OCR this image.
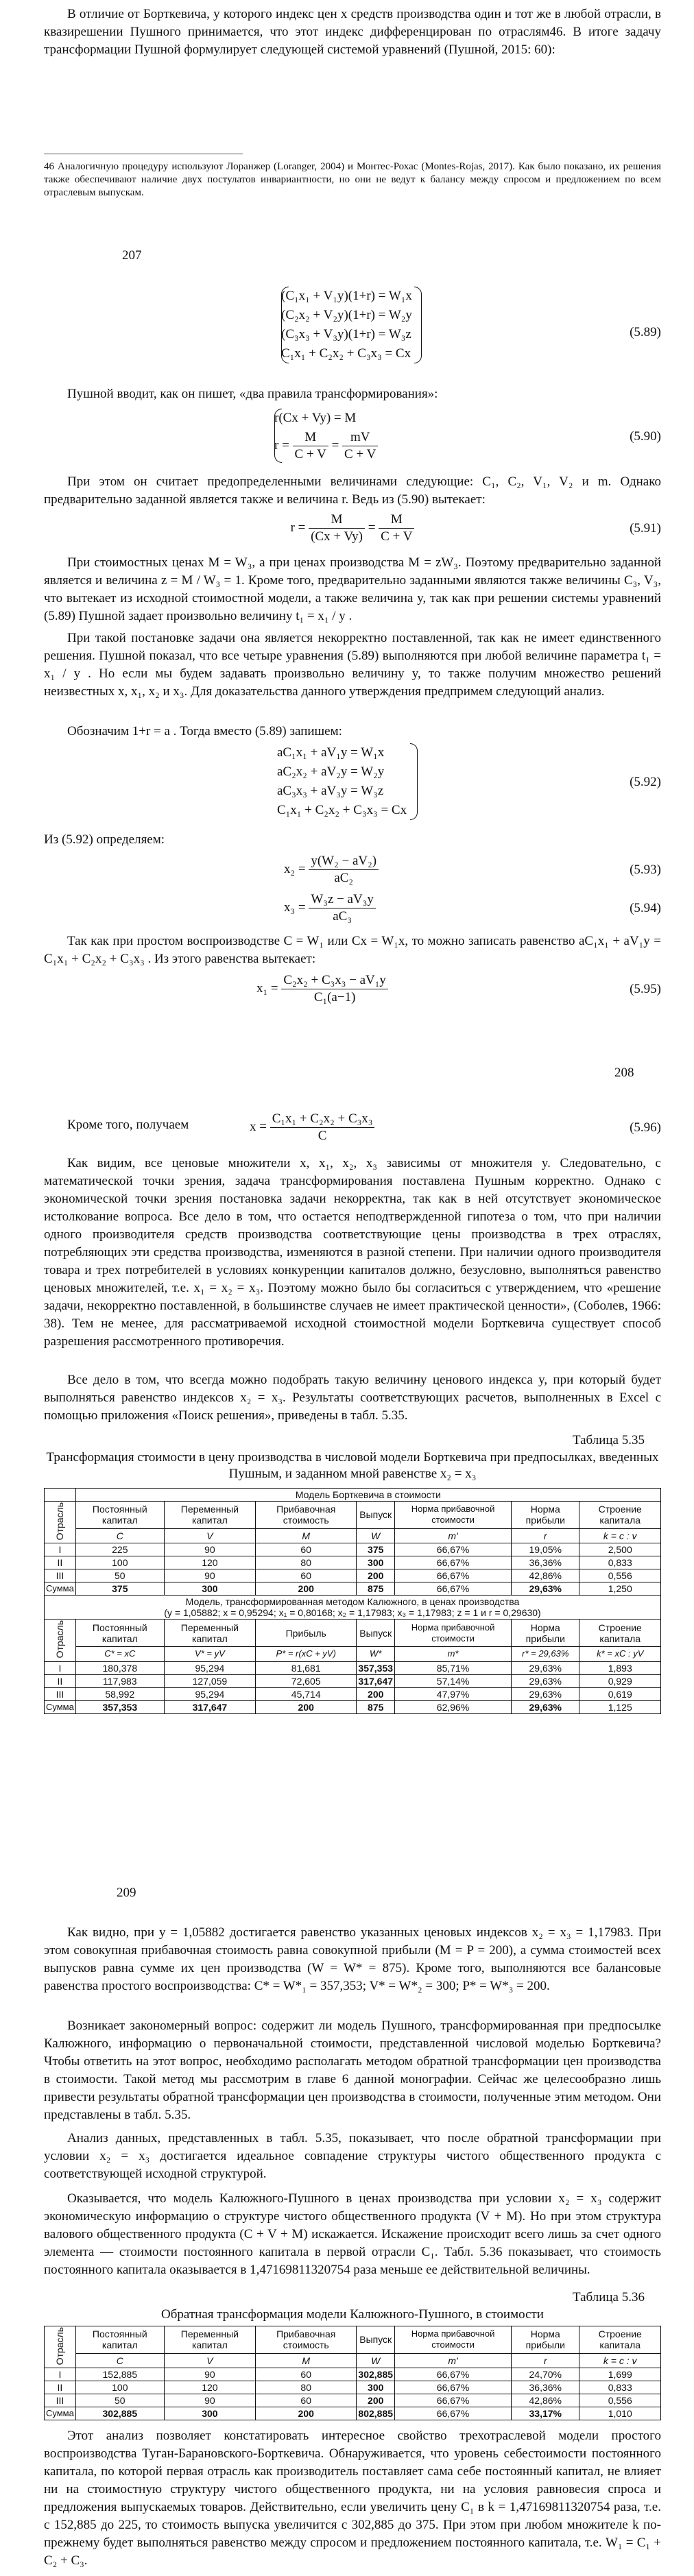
В отличие от Борткевича, у которого индекс цен х средств производства один и тот же в любой отрасли, в квазирешении Пушного принимается, что этот индекс дифференцирован по отраслям46. В итоге задачу трансформации Пушной формулирует следующей системой уравнений (Пушной, 2015: 60):

46 Аналогичную процедуру используют Лоранжер (Loranger, 2004) и Монтес-Рохас (Montes-Rojas, 2017). Как было показано, их решения также обеспечивают наличие двух постулатов инвариантности, но они не ведут к балансу между спросом и предложением по всем отраслевым выпускам.

207
(C₁x₁ + V₁y)(1+r) = W₁x
(C₂x₂ + V₂y)(1+r) = W₂y
(C₃x₃ + V₃y)(1+r) = W₃z
C₁x₁ + C₂x₂ + C₃x₃ = Cx
(5.89)

Пушной вводит, как он пишет, «два правила трансформирования»:

r(Cx + Vy) = M
$r = \frac{M}{C + V} = \frac{mV}{C + V}$	(5.90)

При этом он считает предопределенными величинами следующие: C₁, C₂, V₁, V₂ и m. Однако предварительно заданной является также и величина r. Ведь из (5.90) вытекает:

$r = \frac{M}{(Cx + Vy)} = \frac{M}{C + V}$	(5.91)

При стоимостных ценах M = W₃, а при ценах производства M = zW₃. Поэтому предварительно заданной является и величина z = M / W₃ = 1. Кроме того, предварительно заданными являются также величины C₃, V₃, что вытекает из исходной стоимостной модели, а также величина y, так как при решении системы уравнений (5.89) Пушной задает произвольно величину t₁ = x₁ / y .

При такой постановке задачи она является некорректно поставленной, так как не имеет единственного решения. Пушной показал, что все четыре уравнения (5.89) выполняются при любой величине параметра t₁ = x₁ / y . Но если мы будем задавать произвольно величину y, то также получим множество решений неизвестных x, x₁, x₂ и x₃. Для доказательства данного утверждения предпримем следующий анализ.

Обозначим 1+r = a . Тогда вместо (5.89) запишем:

aC₁x₁ + aV₁y = W₁x
aC₂x₂ + aV₂y = W₂y
aC₃x₃ + aV₃y = W₃z
C₁x₁ + C₂x₂ + C₃x₃ = Cx
(5.92)

Из (5.92) определяем:

$x_2 = \frac{\text{y(W₂ − aV₂)}}{\text{aC₂}}$	(5.93)
$x_3 = \frac{\text{W₃z − aV₃y}}{\text{aC₃}}$	(5.94)

Так как при простом воспроизводстве C = W₁ или Cx = W₁x, то можно записать равенство aC₁x₁ + aV₁y = C₁x₁ + C₂x₂ + C₃x₃ . Из этого равенства вытекает:

$x_1 = \frac{\text{C₂x₂ + C₃x₃ − aV₁y}}{\text{C₁(a−1)}}$	(5.95)
208

Кроме того, получаем	$x = \frac{\text{C₁x₁ + C₂x₂ + C₃x₃}}{C}$	(5.96)

Как видим, все ценовые множители x, x₁, x₂, x₃ зависимы от множителя y. Следовательно, с математической точки зрения, задача трансформирования поставлена Пушным корректно. Однако с экономической точки зрения постановка задачи некорректна, так как в ней отсутствует экономическое истолкование вопроса. Все дело в том, что остается неподтвержденной гипотеза о том, что при наличии одного производителя средств производства соответствующие цены производства в трех отраслях, потребляющих эти средства производства, изменяются в разной степени. При наличии одного производителя товара и трех потребителей в условиях конкуренции капиталов должно, безусловно, выполняться равенство ценовых множителей, т.е. x₁ = x₂ = x₃. Поэтому можно было бы согласиться с утверждением, что «решение задачи, некорректно поставленной, в большинстве случаев не имеет практической ценности», (Соболев, 1966: 38). Тем не менее, для рассматриваемой исходной стоимостной модели Борткевича существует способ разрешения рассмотренного противоречия.

Все дело в том, что всегда можно подобрать такую величину ценового индекса y, при который будет выполняться равенство индексов x₂ = x₃. Результаты соответствующих расчетов, выполненных в Excel с помощью приложения «Поиск решения», приведены в табл. 5.35.

Таблица 5.35
Трансформация стоимости в цену производства в числовой модели Борткевича при предпосылках, введенных Пушным, и заданном мной равенстве x₂ = x₃
	Модель Борткевича в стоимости						
Отрасль	Постоянный капитал	Переменный капитал	Прибавочная стоимость	Выпуск	Норма прибавочной стоимости	Норма прибыли	Строение капитала
	C	V	M	W	m'	r	k = c : v
I	225	90	60	375	66,67%	19,05%	2,500
II	100	120	80	300	66,67%	36,36%	0,833
III	50	90	60	200	66,67%	42,86%	0,556
Сумма	375	300	200	875	66,67%	29,63%	1,250

Модель, трансформированная методом Калюжного, в ценах производства
(y = 1,05882; x = 0,95294; x₁ = 0,80168; x₂ = 1,17983; x₃ = 1,17983; z = 1 и r = 0,29630)							

Отрасль	Постоянный капитал	Переменный капитал	Прибыль	Выпуск	Норма прибавочной стоимости	Норма прибыли	Строение капитала
	C* = xC	V* = yV	P* = r(xC + yV)	W*	m*	r* = 29,63%	k* = xC : yV
I	180,378	95,294	81,681	357,353	85,71%	29,63%	1,893
II	117,983	127,059	72,605	317,647	57,14%	29,63%	0,929
III	58,992	95,294	45,714	200	47,97%	29,63%	0,619
Сумма	357,353	317,647	200	875	62,96%	29,63%	1,125
209

Как видно, при y = 1,05882 достигается равенство указанных ценовых индексов x₂ = x₃ = 1,17983. При этом совокупная прибавочная стоимость равна совокупной прибыли (M = P = 200), а сумма стоимостей всех выпусков равна сумме их цен производства (W = W* = 875). Кроме того, выполняются все балансовые равенства простого воспроизводства: C* = W*₁ = 357,353; V* = W*₂ = 300; P* = W*₃ = 200.

Возникает закономерный вопрос: содержит ли модель Пушного, трансформированная при предпосылке Калюжного, информацию о первоначальной стоимости, представленной числовой моделью Борткевича? Чтобы ответить на этот вопрос, необходимо располагать методом обратной трансформации цен производства в стоимости. Такой метод мы рассмотрим в главе 6 данной монографии. Сейчас же целесообразно лишь привести результаты обратной трансформации цен производства в стоимости, полученные этим методом. Они представлены в табл. 5.35.

Анализ данных, представленных в табл. 5.35, показывает, что после обратной трансформации при условии x₂ = x₃ достигается идеальное совпадение структуры чистого общественного продукта с соответствующей исходной структурой.

Оказывается, что модель Калюжного-Пушного в ценах производства при условии x₂ = x₃ содержит экономическую информацию о структуре чистого общественного продукта (V + M). Но при этом структура валового общественного продукта (C + V + M) искажается. Искажение происходит всего лишь за счет одного элемента — стоимости постоянного капитала в первой отрасли C₁. Табл. 5.36 показывает, что стоимость постоянного капитала оказывается в 1,47169811320754 раза меньше ее действительной величины.

Таблица 5.36
Обратная трансформация модели Калюжного-Пушного, в стоимости
Отрасль	Постоянный капитал	Переменный капитал	Прибавочная стоимость	Выпуск	Норма прибавочной стоимости	Норма прибыли	Строение капитала
	C	V	M	W	m'	r	k = c : v
I	152,885	90	60	302,885	66,67%	24,70%	1,699
II	100	120	80	300	66,67%	36,36%	0,833
III	50	90	60	200	66,67%	42,86%	0,556
Сумма	302,885	300	200	802,885	66,67%	33,17%	1,010

Этот анализ позволяет констатировать интересное свойство трехотраслевой модели простого воспроизводства Туган-Барановского-Борткевича. Обнаруживается, что уровень себестоимости постоянного капитала, по которой первая отрасль как производитель поставляет сама себе постоянный капитал, не влияет ни на стоимостную структуру чистого общественного продукта, ни на условия равновесия спроса и предложения выпускаемых товаров. Действительно, если увеличить цену C₁ в k = 1,47169811320754 раза, т.е. с 152,885 до 225, то стоимость выпуска увеличится с 302,885 до 375. При этом при любом множителе k по-прежнему будет выполняться равенство между спросом и предложением постоянного капитала, т.е. W₁ = C₁ + C₂ + C₃.
